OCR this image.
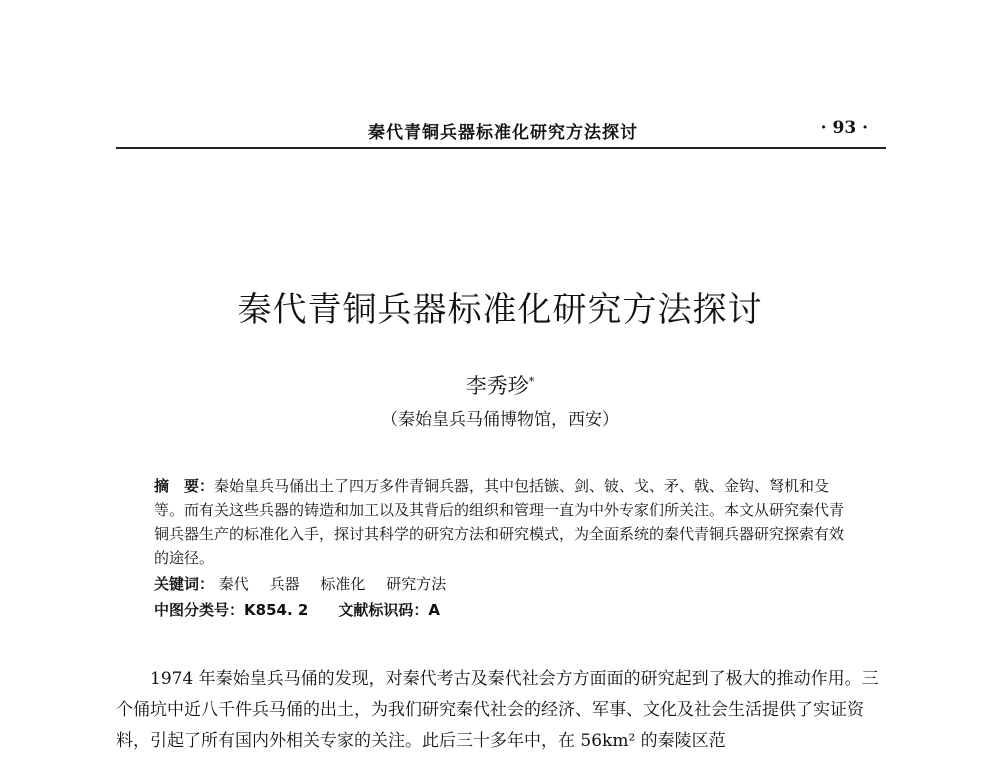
秦代青铜兵器标准化研究方法探讨	· 93 ·
秦代青铜兵器标准化研究方法探讨
李秀珍*
（秦始皇兵马俑博物馆，西安）
摘　要：秦始皇兵马俑出土了四万多件青铜兵器，其中包括镞、剑、铍、戈、矛、戟、金钩、弩机和殳等。而有关这些兵器的铸造和加工以及其背后的组织和管理一直为中外专家们所关注。本文从研究秦代青铜兵器生产的标准化入手，探讨其科学的研究方法和研究模式，为全面系统的秦代青铜兵器研究探索有效的途径。
关键词： 秦代 兵器 标准化 研究方法
中图分类号：K854. 2 文献标识码：A

1974 年秦始皇兵马俑的发现，对秦代考古及秦代社会方方面面的研究起到了极大的推动作用。三个俑坑中近八千件兵马俑的出土，为我们研究秦代社会的经济、军事、文化及社会生活提供了实证资料，引起了所有国内外相关专家的关注。此后三十多年中，在 56km² 的秦陵区范
